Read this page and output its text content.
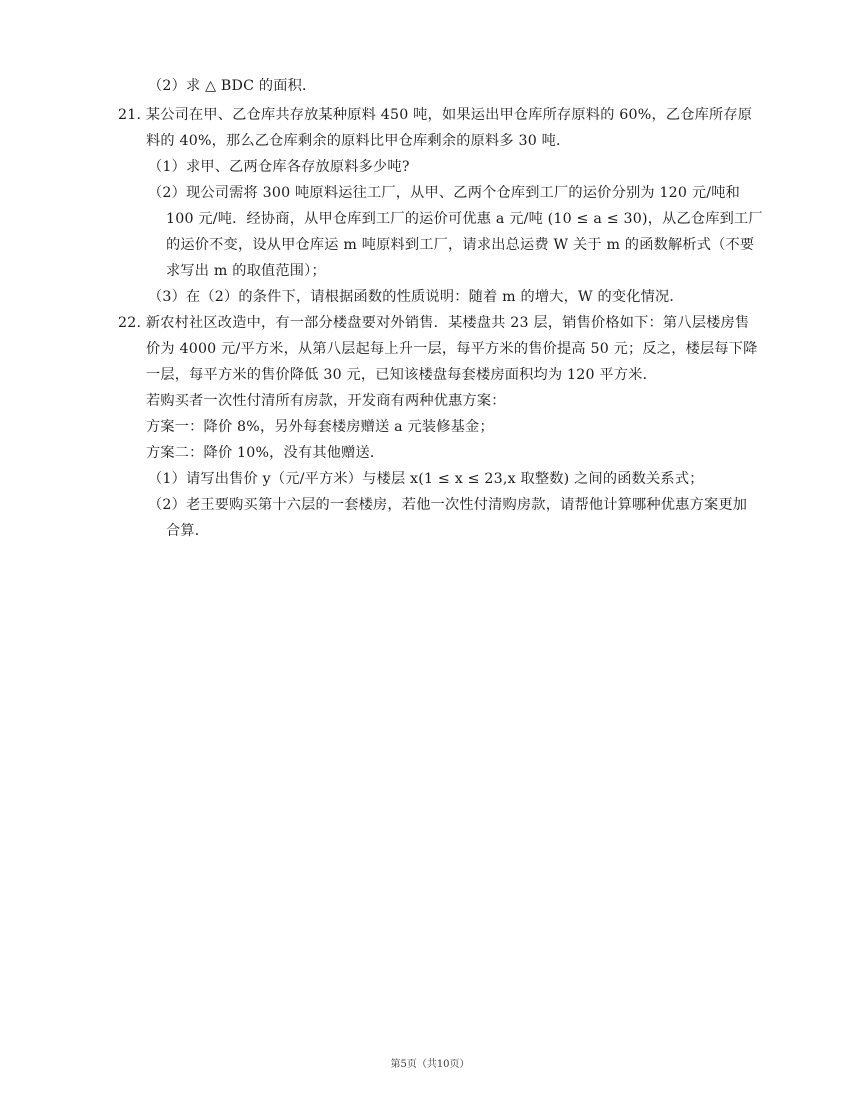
（2）求 △ BDC 的面积．
21. 某公司在甲、乙仓库共存放某种原料 450 吨，如果运出甲仓库所存原料的 60%，乙仓库所存原
料的 40%，那么乙仓库剩余的原料比甲仓库剩余的原料多 30 吨．
（1）求甲、乙两仓库各存放原料多少吨?
（2）现公司需将 300 吨原料运往工厂，从甲、乙两个仓库到工厂的运价分别为 120 元/吨和
100 元/吨．经协商，从甲仓库到工厂的运价可优惠 a 元/吨 (10 ≤ a ≤ 30)，从乙仓库到工厂
的运价不变，设从甲仓库运 m 吨原料到工厂，请求出总运费 W 关于 m 的函数解析式（不要
求写出 m 的取值范围）；
（3）在（2）的条件下，请根据函数的性质说明：随着 m 的增大，W 的变化情况．
22. 新农村社区改造中，有一部分楼盘要对外销售．某楼盘共 23 层，销售价格如下：第八层楼房售
价为 4000 元/平方米，从第八层起每上升一层，每平方米的售价提高 50 元；反之，楼层每下降
一层，每平方米的售价降低 30 元，已知该楼盘每套楼房面积均为 120 平方米．
若购买者一次性付清所有房款，开发商有两种优惠方案：
方案一：降价 8%，另外每套楼房赠送 a 元装修基金；
方案二：降价 10%，没有其他赠送．
（1）请写出售价 y（元/平方米）与楼层 x(1 ≤ x ≤ 23,x 取整数) 之间的函数关系式；
（2）老王要购买第十六层的一套楼房，若他一次性付清购房款，请帮他计算哪种优惠方案更加
合算．
第5页（共10页）
